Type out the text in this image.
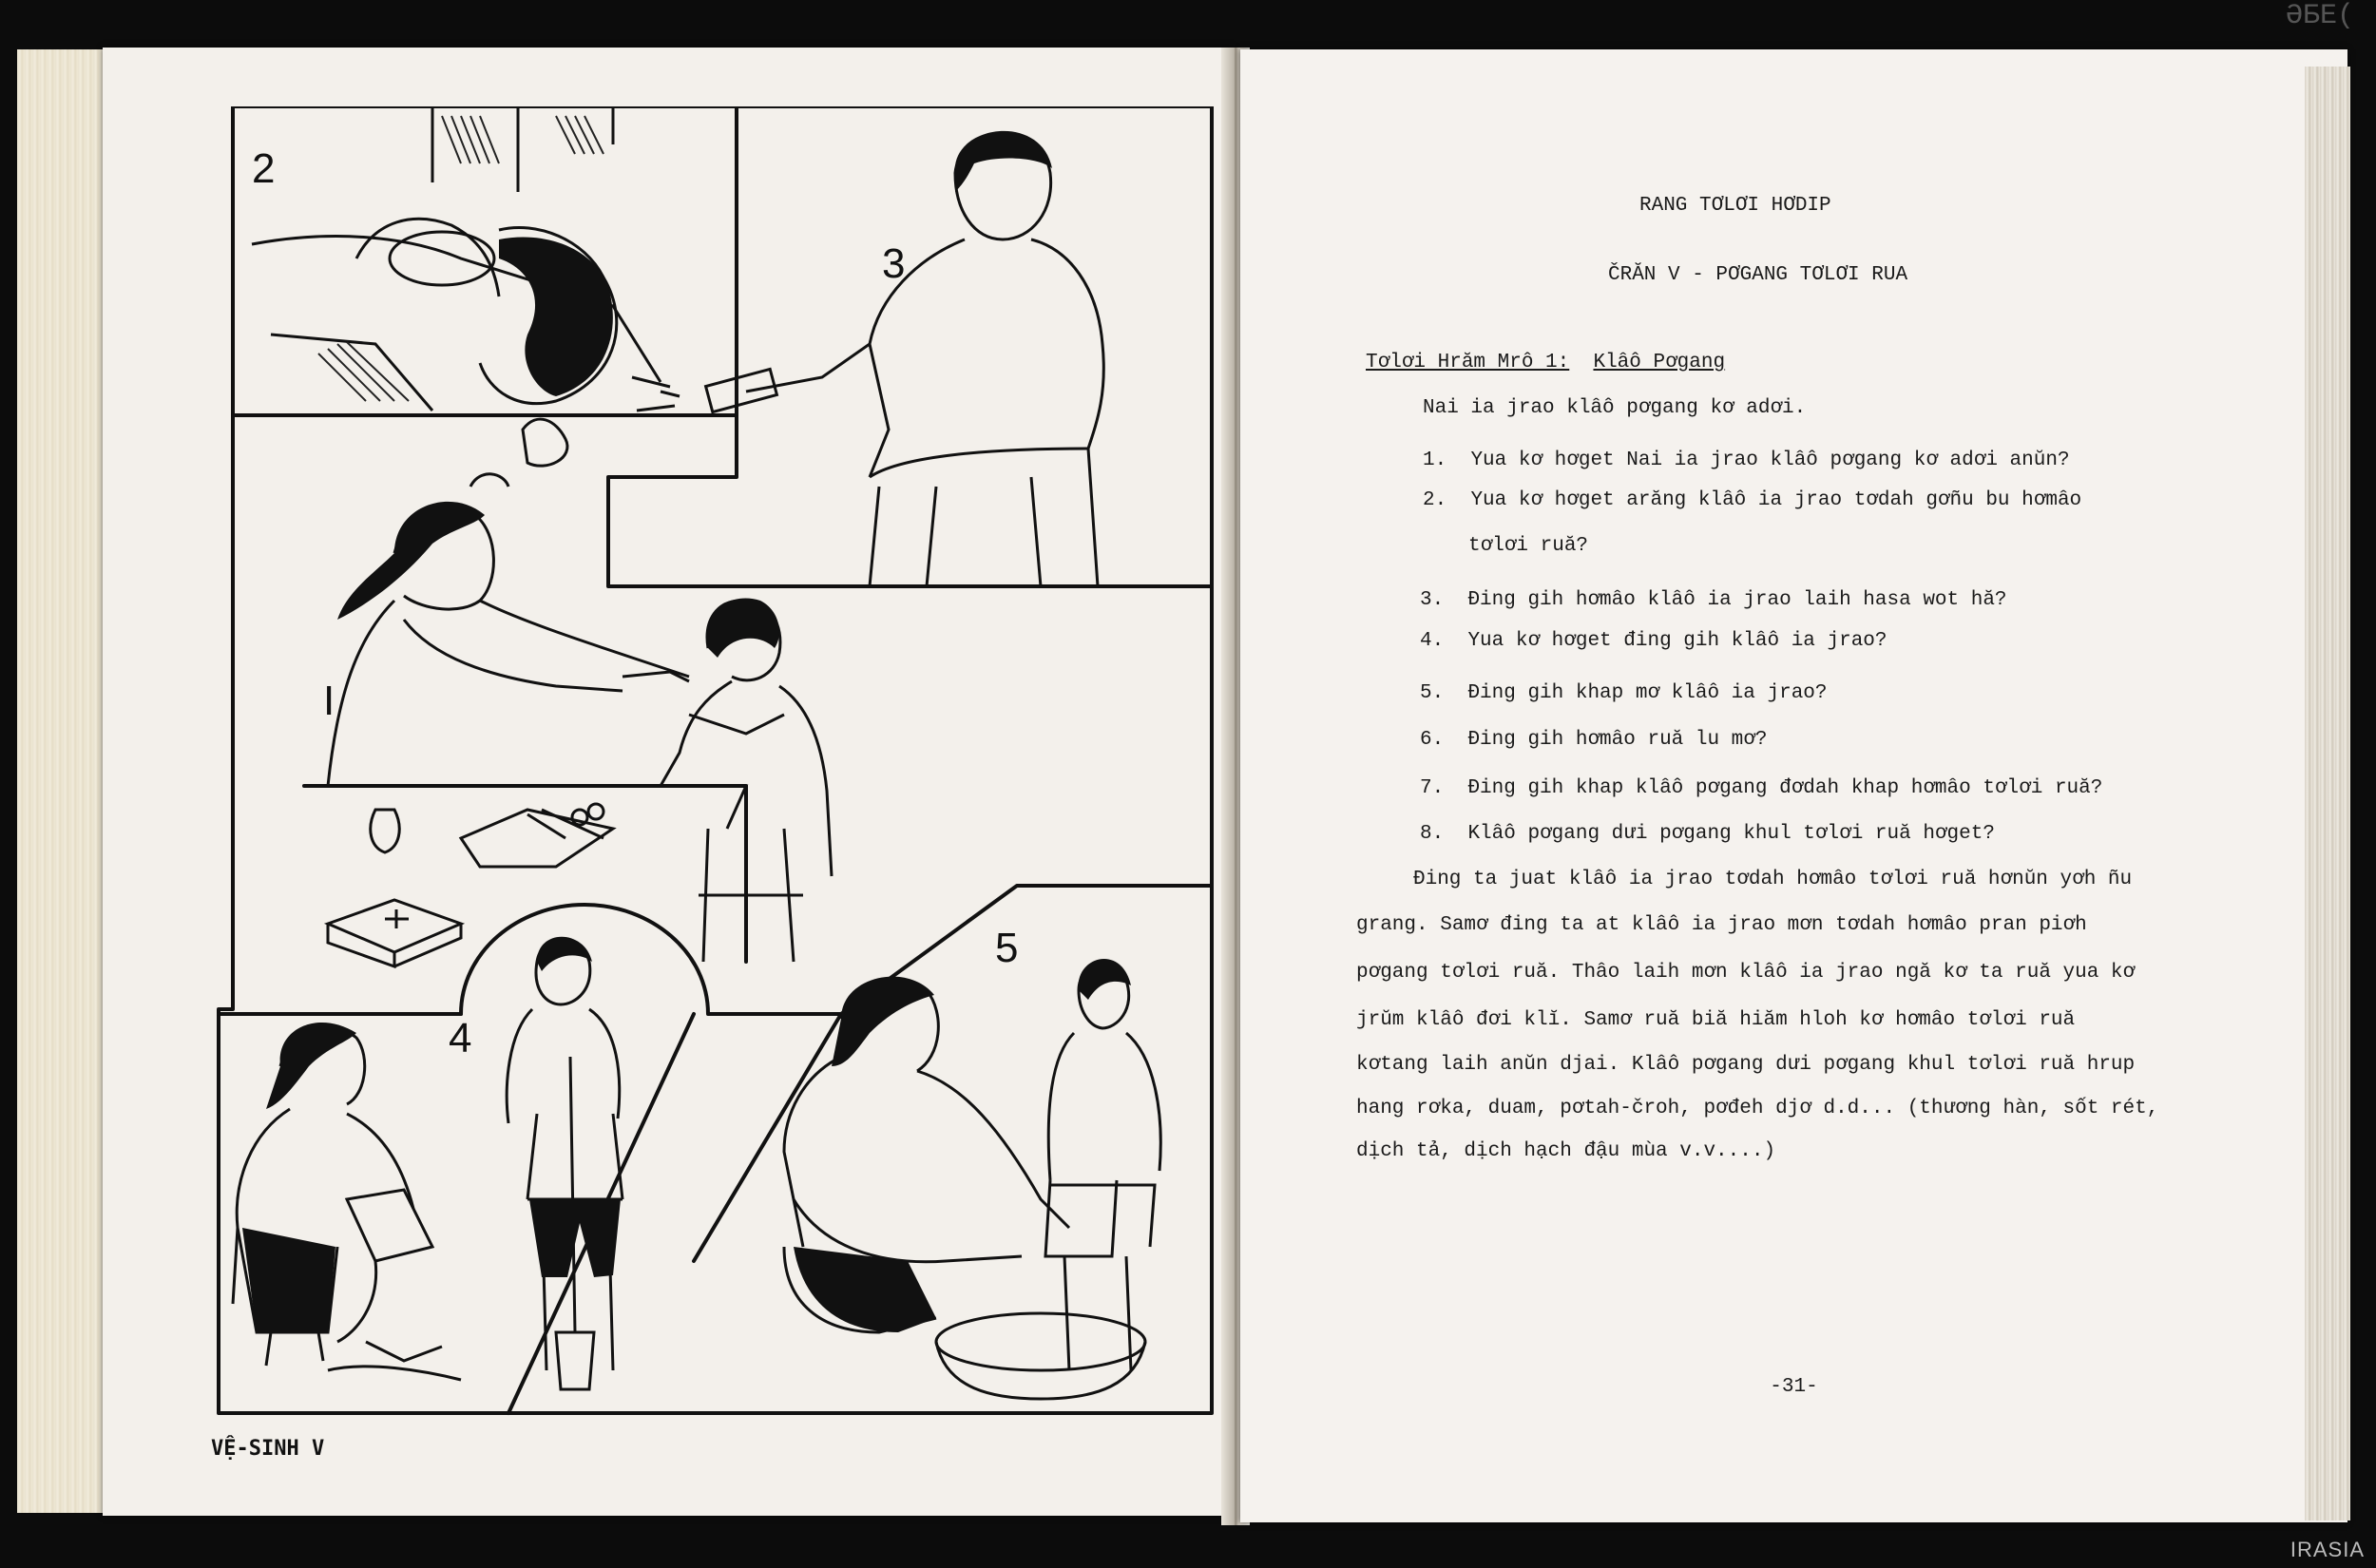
ƏБЕ(
2
3
I
4
5
VỆ-SINH V
RANG TƠLƠI HƠDIP
ČRĂN V - PƠGANG TƠLƠI RUA
Tơlơi Hrăm Mrô 1: Klâô Pơgang
Nai ia jrao klâô pơgang kơ adơi.
1. Yua kơ hơget Nai ia jrao klâô pơgang kơ adơi anŭn?
2. Yua kơ hơget arăng klâô ia jrao tơdah gơñu bu hơmâo
tơlơi ruă?
3. Đing gih hơmâo klâô ia jrao laih hasa wot hă?
4. Yua kơ hơget đing gih klâô ia jrao?
5. Đing gih khap mơ klâô ia jrao?
6. Đing gih hơmâo ruă lu mơ?
7. Đing gih khap klâô pơgang đơdah khap hơmâo tơlơi ruă?
8. Klâô pơgang dưi pơgang khul tơlơi ruă hơget?
Đing ta juat klâô ia jrao tơdah hơmâo tơlơi ruă hơnŭn yơh ñu
grang. Samơ đing ta at klâô ia jrao mơn tơdah hơmâo pran piơh
pơgang tơlơi ruă. Thâo laih mơn klâô ia jrao ngă kơ ta ruă yua kơ
jrŭm klâô đơi klĭ. Samơ ruă biă hiăm hloh kơ hơmâo tơlơi ruă
kơtang laih anŭn djai. Klâô pơgang dưi pơgang khul tơlơi ruă hrup
hang rơka, duam, pơtah-čroh, pơđeh djơ d.d... (thương hàn, sốt rét,
dịch tả, dịch hạch đậu mùa v.v....)
-31-
IRASIA
